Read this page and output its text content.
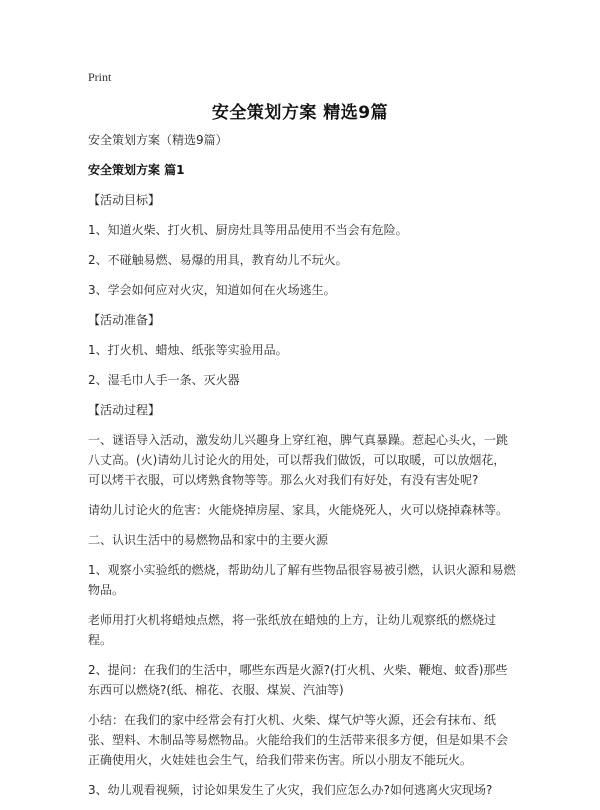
Print
安全策划方案 精选9篇

安全策划方案（精选9篇）

安全策划方案 篇1

【活动目标】

1、知道火柴、打火机、厨房灶具等用品使用不当会有危险。

2、不碰触易燃、易爆的用具，教育幼儿不玩火。

3、学会如何应对火灾，知道如何在火场逃生。

【活动准备】

1、打火机、蜡烛、纸张等实验用品。

2、湿毛巾人手一条、灭火器

【活动过程】

一、谜语导入活动，激发幼儿兴趣身上穿红袍，脾气真暴躁。惹起心头火，一跳八丈高。(火)请幼儿讨论火的用处，可以帮我们做饭，可以取暖，可以放烟花，可以烤干衣服，可以烤熟食物等等。那么火对我们有好处，有没有害处呢?

请幼儿讨论火的危害：火能烧掉房屋、家具，火能烧死人，火可以烧掉森林等。

二、认识生活中的易燃物品和家中的主要火源

1、观察小实验纸的燃烧，帮助幼儿了解有些物品很容易被引燃，认识火源和易燃物品。

老师用打火机将蜡烛点燃，将一张纸放在蜡烛的上方，让幼儿观察纸的燃烧过程。

2、提问：在我们的生活中，哪些东西是火源?(打火机、火柴、鞭炮、蚊香)那些东西可以燃烧?(纸、棉花、衣服、煤炭、汽油等)

小结：在我们的家中经常会有打火机、火柴、煤气炉等火源，还会有抹布、纸张、塑料、木制品等易燃物品。火能给我们的生活带来很多方便，但是如果不会正确使用火，火娃娃也会生气，给我们带来伤害。所以小朋友不能玩火。

3、幼儿观看视频，讨论如果发生了火灾，我们应怎么办?如何逃离火灾现场?
